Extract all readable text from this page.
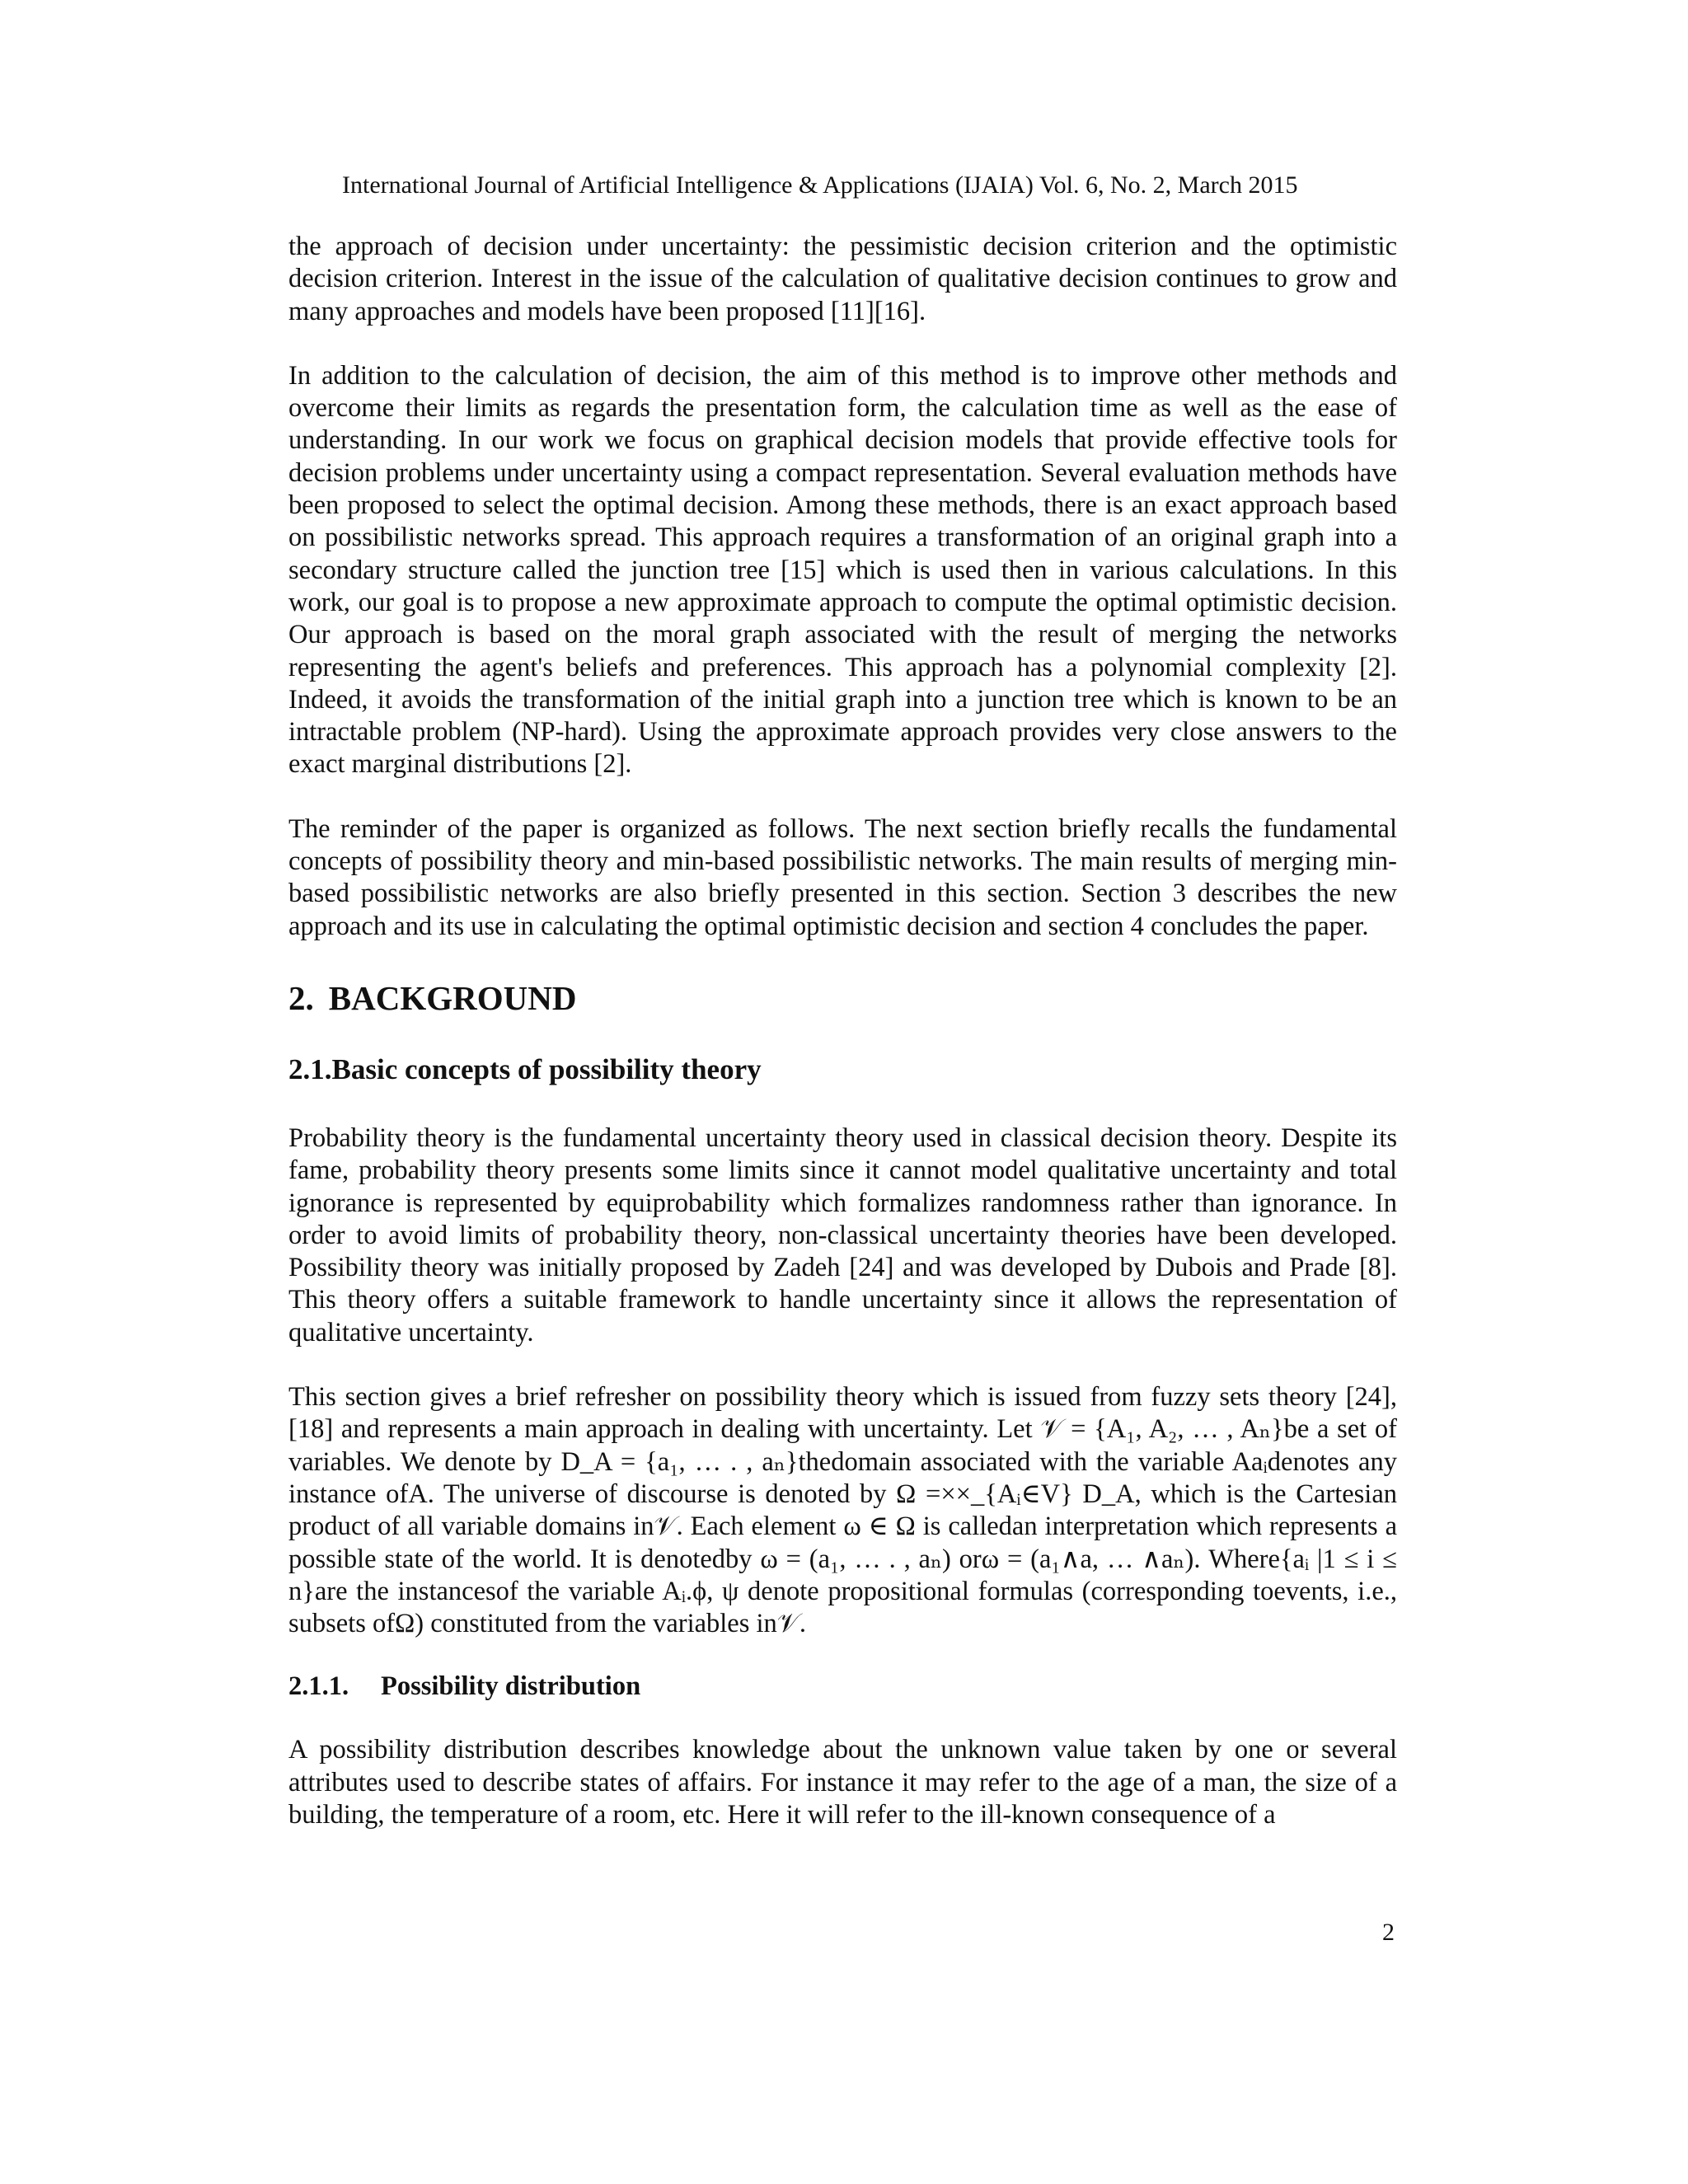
International Journal of Artificial Intelligence & Applications (IJAIA) Vol. 6, No. 2, March 2015

the approach of decision under uncertainty: the pessimistic decision criterion and the optimistic decision criterion. Interest in the issue of the calculation of qualitative decision continues to grow and many approaches and models have been proposed [11][16].

In addition to the calculation of decision, the aim of this method is to improve other methods and overcome their limits as regards the presentation form, the calculation time as well as the ease of understanding. In our work we focus on graphical decision models that provide effective tools for decision problems under uncertainty using a compact representation. Several evaluation methods have been proposed to select the optimal decision. Among these methods, there is an exact approach based on possibilistic networks spread. This approach requires a transformation of an original graph into a secondary structure called the junction tree [15] which is used then in various calculations. In this work, our goal is to propose a new approximate approach to compute the optimal optimistic decision. Our approach is based on the moral graph associated with the result of merging the networks representing the agent's beliefs and preferences. This approach has a polynomial complexity [2]. Indeed, it avoids the transformation of the initial graph into a junction tree which is known to be an intractable problem (NP-hard). Using the approximate approach provides very close answers to the exact marginal distributions [2].

The reminder of the paper is organized as follows. The next section briefly recalls the fundamental concepts of possibility theory and min-based possibilistic networks. The main results of merging min-based possibilistic networks are also briefly presented in this section. Section 3 describes the new approach and its use in calculating the optimal optimistic decision and section 4 concludes the paper.

2. BACKGROUND
2.1.Basic concepts of possibility theory

Probability theory is the fundamental uncertainty theory used in classical decision theory. Despite its fame, probability theory presents some limits since it cannot model qualitative uncertainty and total ignorance is represented by equiprobability which formalizes randomness rather than ignorance. In order to avoid limits of probability theory, non-classical uncertainty theories have been developed. Possibility theory was initially proposed by Zadeh [24] and was developed by Dubois and Prade [8]. This theory offers a suitable framework to handle uncertainty since it allows the representation of qualitative uncertainty.

This section gives a brief refresher on possibility theory which is issued from fuzzy sets theory [24], [18] and represents a main approach in dealing with uncertainty. Let 𝒱 = {A₁, A₂, … , Aₙ}be a set of variables. We denote by D_A = {a₁, … . , aₙ}thedomain associated with the variable Aaᵢdenotes any instance ofA. The universe of discourse is denoted by Ω =××_{Aᵢ∈V} D_A, which is the Cartesian product of all variable domains in𝒱. Each element ω ∈ Ω is calledan interpretation which represents a possible state of the world. It is denotedby ω = (a₁, … . , aₙ) orω = (a₁∧a, … ∧aₙ). Where{aᵢ |1 ≤ i ≤ n}are the instancesof the variable Aᵢ.ϕ, ψ denote propositional formulas (corresponding toevents, i.e., subsets ofΩ) constituted from the variables in𝒱.

2.1.1. Possibility distribution

A possibility distribution describes knowledge about the unknown value taken by one or several attributes used to describe states of affairs. For instance it may refer to the age of a man, the size of a building, the temperature of a room, etc. Here it will refer to the ill-known consequence of a

2
